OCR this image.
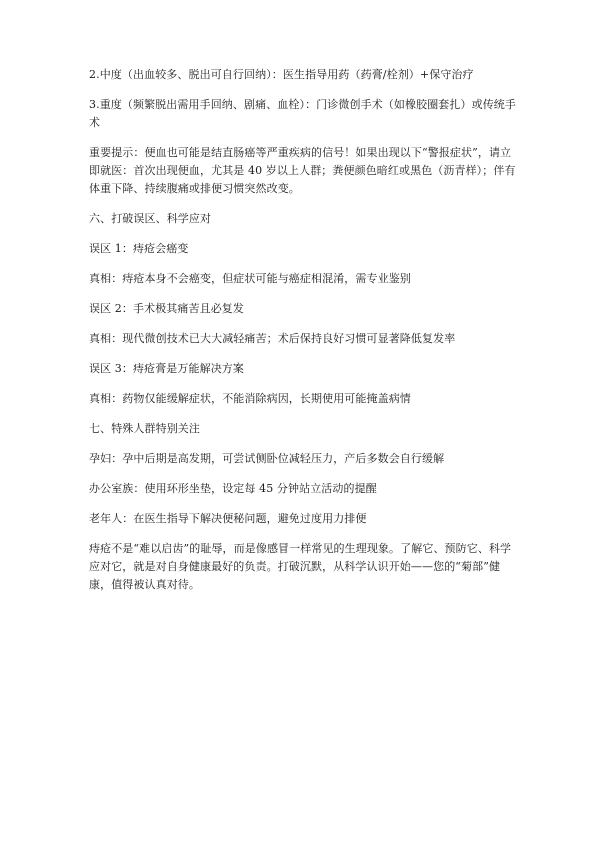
2.中度（出血较多、脱出可自行回纳）：医生指导用药（药膏/栓剂）+保守治疗

3.重度（频繁脱出需用手回纳、剧痛、血栓）：门诊微创手术（如橡胶圈套扎）或传统手术

重要提示：便血也可能是结直肠癌等严重疾病的信号！如果出现以下“警报症状”，请立即就医：首次出现便血，尤其是 40 岁以上人群；粪便颜色暗红或黑色（沥青样）；伴有体重下降、持续腹痛或排便习惯突然改变。

六、打破误区、科学应对

误区 1：痔疮会癌变

真相：痔疮本身不会癌变，但症状可能与癌症相混淆，需专业鉴别

误区 2：手术极其痛苦且必复发

真相：现代微创技术已大大减轻痛苦；术后保持良好习惯可显著降低复发率

误区 3：痔疮膏是万能解决方案

真相：药物仅能缓解症状，不能消除病因，长期使用可能掩盖病情

七、特殊人群特别关注

孕妇：孕中后期是高发期，可尝试侧卧位减轻压力，产后多数会自行缓解

办公室族：使用环形坐垫，设定每 45 分钟站立活动的提醒

老年人：在医生指导下解决便秘问题，避免过度用力排便

痔疮不是“难以启齿”的耻辱，而是像感冒一样常见的生理现象。了解它、预防它、科学应对它，就是对自身健康最好的负责。打破沉默，从科学认识开始——您的“菊部”健康，值得被认真对待。
